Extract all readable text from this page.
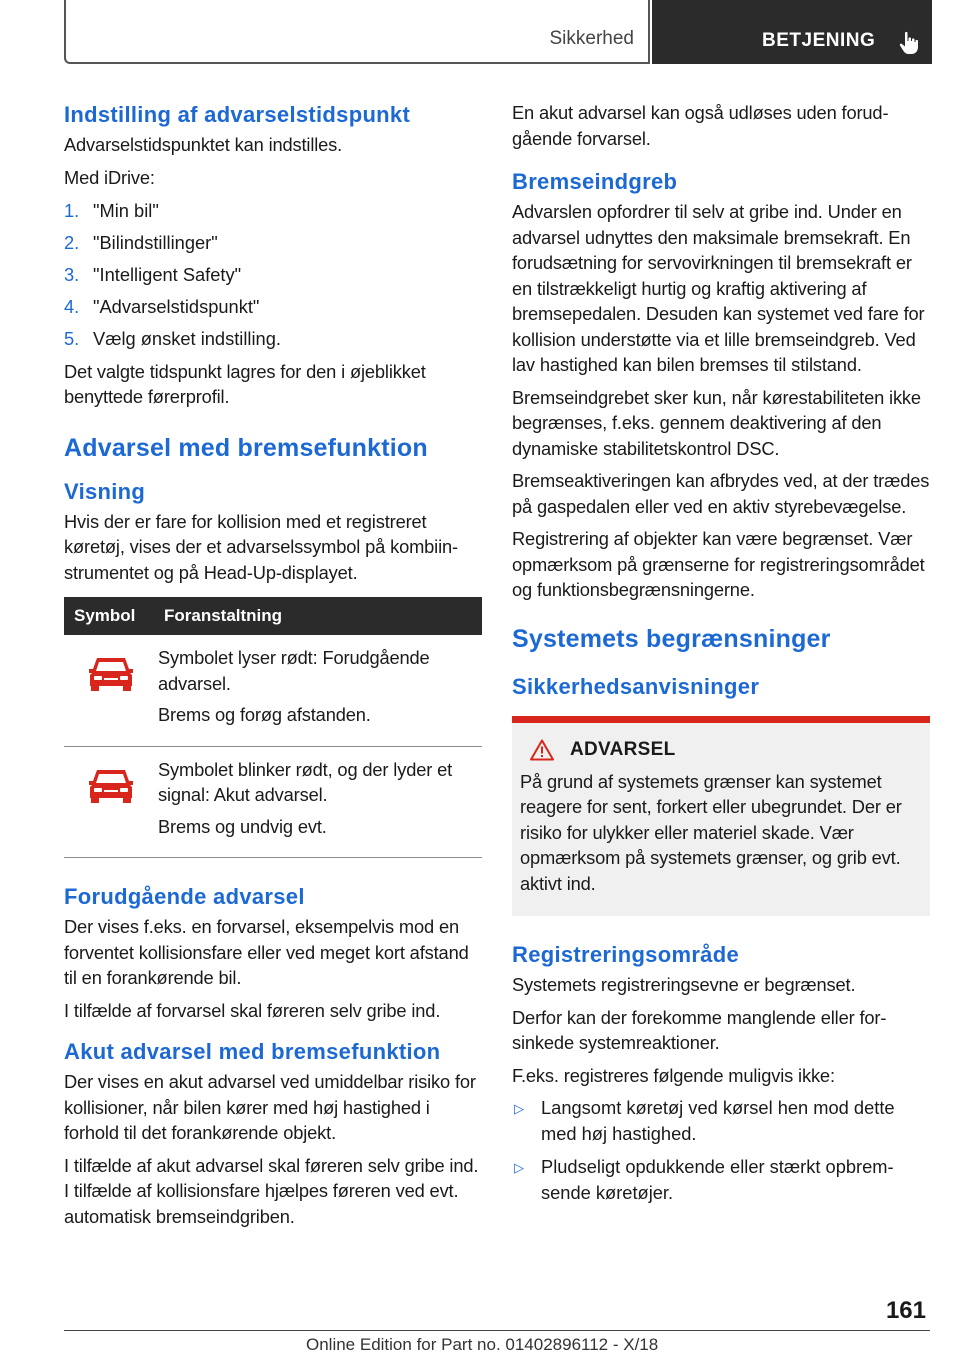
Sikkerhed	BETJENING
Indstilling af advarselstidspunkt

Advarselstidspunktet kan indstilles.

Med iDrive:

1. "Min bil"
2. "Bilindstillinger"
3. "Intelligent Safety"
4. "Advarselstidspunkt"
5. Vælg ønsket indstilling.

Det valgte tidspunkt lagres for den i øjeblikket benyttede førerprofil.

Advarsel med bremsefunktion
Visning

Hvis der er fare for kollision med et registreret køretøj, vises der et advarselssymbol på kombiinstrumentet og på Head-Up-displayet.

Symbol	Foranstaltning

Symbolet lyser rødt: Forudgående advarsel.

Brems og forøg afstanden.

Symbolet blinker rødt, og der lyder et signal: Akut advarsel.

Brems og undvig evt.

Forudgående advarsel

Der vises f.eks. en forvarsel, eksempelvis mod en forventet kollisionsfare eller ved meget kort afstand til en forankørende bil.

I tilfælde af forvarsel skal føreren selv gribe ind.

Akut advarsel med bremsefunktion

Der vises en akut advarsel ved umiddelbar risiko for kollisioner, når bilen kører med høj hastighed i forhold til det forankørende objekt.

I tilfælde af akut advarsel skal føreren selv gribe ind. I tilfælde af kollisionsfare hjælpes føreren ved evt. automatisk bremseindgriben.

En akut advarsel kan også udløses uden forudgående forvarsel.

Bremseindgreb

Advarslen opfordrer til selv at gribe ind. Under en advarsel udnyttes den maksimale bremsekraft. En forudsætning for servovirkningen til bremsekraft er en tilstrækkeligt hurtig og kraftig aktivering af bremsepedalen. Desuden kan systemet ved fare for kollision understøtte via et lille bremseindgreb. Ved lav hastighed kan bilen bremses til stilstand.

Bremseindgrebet sker kun, når kørestabiliteten ikke begrænses, f.eks. gennem deaktivering af den dynamiske stabilitetskontrol DSC.

Bremseaktiveringen kan afbrydes ved, at der trædes på gaspedalen eller ved en aktiv styrebevægelse.

Registrering af objekter kan være begrænset. Vær opmærksom på grænserne for registreringsområdet og funktionsbegrænsningerne.

Systemets begrænsninger
Sikkerhedsanvisninger
ADVARSEL

På grund af systemets grænser kan systemet reagere for sent, forkert eller ubegrundet. Der er risiko for ulykker eller materiel skade. Vær opmærksom på systemets grænser, og grib evt. aktivt ind.

Registreringsområde

Systemets registreringsevne er begrænset.

Derfor kan der forekomme manglende eller forsinkede systemreaktioner.

F.eks. registreres følgende muligvis ikke:

▷ Langsomt køretøj ved kørsel hen mod dette med høj hastighed.
▷ Pludseligt opdukkende eller stærkt opbremsende køretøjer.
161
Online Edition for Part no. 01402896112 - X/18
